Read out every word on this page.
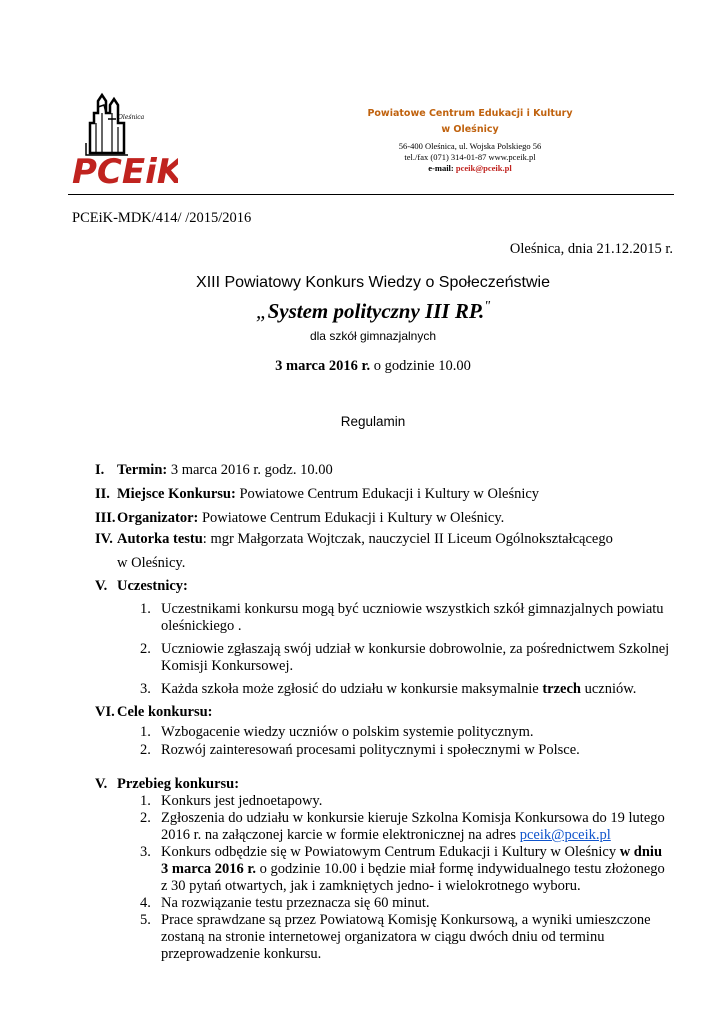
Oleśnica
PCEiK
Powiatowe Centrum Edukacji i Kultury
w Oleśnicy
56-400 Oleśnica, ul. Wojska Polskiego 56
tel./fax (071) 314-01-87 www.pceik.pl
e-mail: pceik@pceik.pl
PCEiK-MDK/414/ /2015/2016
Oleśnica, dnia 21.12.2015 r.
XIII Powiatowy Konkurs Wiedzy o Społeczeństwie
„System polityczny III RP."
dla szkół gimnazjalnych
3 marca 2016 r. o godzinie 10.00
Regulamin
I. Termin: 3 marca 2016 r. godz. 10.00
II. Miejsce Konkursu: Powiatowe Centrum Edukacji i Kultury w Oleśnicy
III.Organizator: Powiatowe Centrum Edukacji i Kultury w Oleśnicy.
IV. Autorka testu: mgr Małgorzata Wojtczak, nauczyciel II Liceum Ogólnokształcącego
w Oleśnicy.
V. Uczestnicy:
1. Uczestnikami konkursu mogą być uczniowie wszystkich szkół gimnazjalnych powiatu
oleśnickiego .
2. Uczniowie zgłaszają swój udział w konkursie dobrowolnie, za pośrednictwem Szkolnej
Komisji Konkursowej.
3. Każda szkoła może zgłosić do udziału w konkursie maksymalnie trzech uczniów.
VI. Cele konkursu:
1. Wzbogacenie wiedzy uczniów o polskim systemie politycznym.
2. Rozwój zainteresowań procesami politycznymi i społecznymi w Polsce.
V. Przebieg konkursu:
1. Konkurs jest jednoetapowy.
2. Zgłoszenia do udziału w konkursie kieruje Szkolna Komisja Konkursowa do 19 lutego
2016 r. na załączonej karcie w formie elektronicznej na adres pceik@pceik.pl
3. Konkurs odbędzie się w Powiatowym Centrum Edukacji i Kultury w Oleśnicy w dniu
3 marca 2016 r. o godzinie 10.00 i będzie miał formę indywidualnego testu złożonego
z 30 pytań otwartych, jak i zamkniętych jedno- i wielokrotnego wyboru.
4. Na rozwiązanie testu przeznacza się 60 minut.
5. Prace sprawdzane są przez Powiatową Komisję Konkursową, a wyniki umieszczone
zostaną na stronie internetowej organizatora w ciągu dwóch dniu od terminu
przeprowadzenie konkursu.
